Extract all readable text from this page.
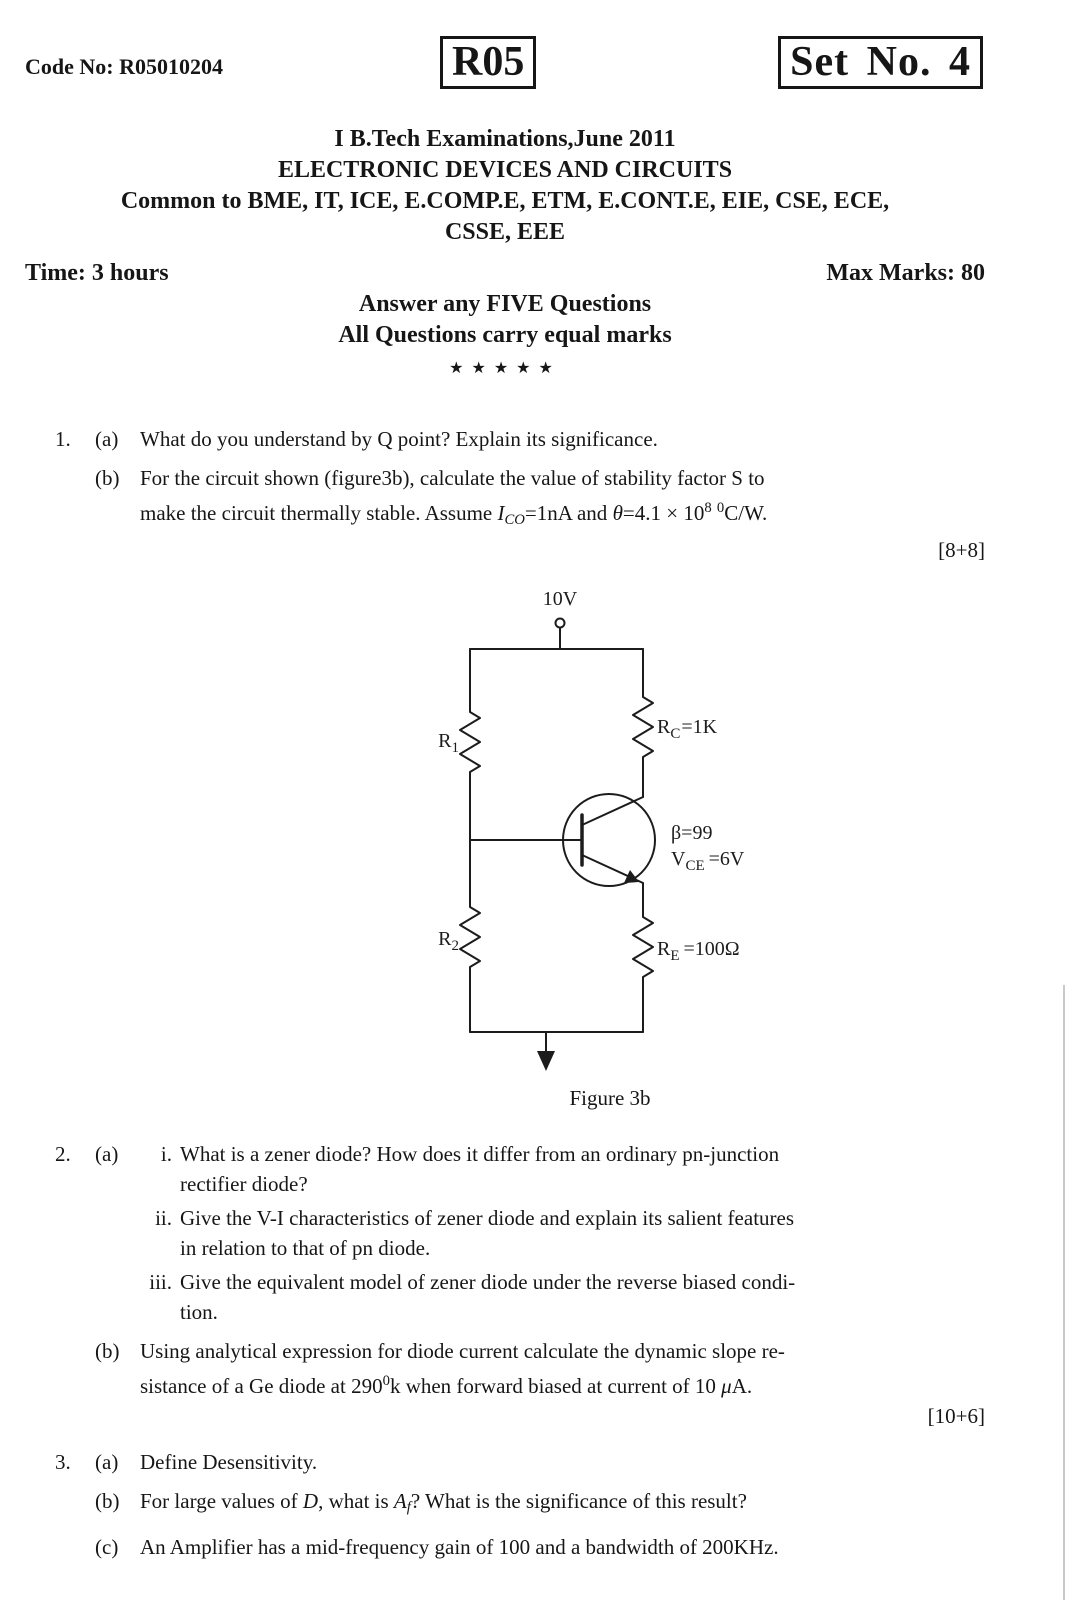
Code No: R05010204	R05	Set No. 4
I B.Tech Examinations,June 2011
ELECTRONIC DEVICES AND CIRCUITS
Common to BME, IT, ICE, E.COMP.E, ETM, E.CONT.E, EIE, CSE, ECE,
CSSE, EEE
Time: 3 hours	Max Marks: 80
Answer any FIVE Questions
All Questions carry equal marks
★★★★★
1.	(a)	What do you understand by Q point? Explain its significance.
(b) For the circuit shown (figure3b), calculate the value of stability factor S to
make the circuit thermally stable. Assume ICO=1nA and $\theta=4.1 \times 10^8$ $^0$C/W.
[8+8]
10V
$R_1$
$R_C=1K$
β=99
$V_{CE} =6V$
$R_2$	$R_E =100\Omega$
Figure 3b
2.	(a)	i. What is a zener diode? How does it differ from an ordinary pn-junction
rectifier diode?
ii. Give the V-I characteristics of zener diode and explain its salient features
in relation to that of pn diode.
iii. Give the equivalent model of zener diode under the reverse biased condi-
tion.
(b) Using analytical expression for diode current calculate the dynamic slope re-
sistance of a Ge diode at $290^0k$ when forward biased at current of 10 μA.
[10+6]
3.	(a)	Define Desensitivity.
(b) For large values of D, what is Af? What is the significance of this result?
(c)	An Amplifier has a mid-frequency gain of 100 and a bandwidth of 200KHz.
